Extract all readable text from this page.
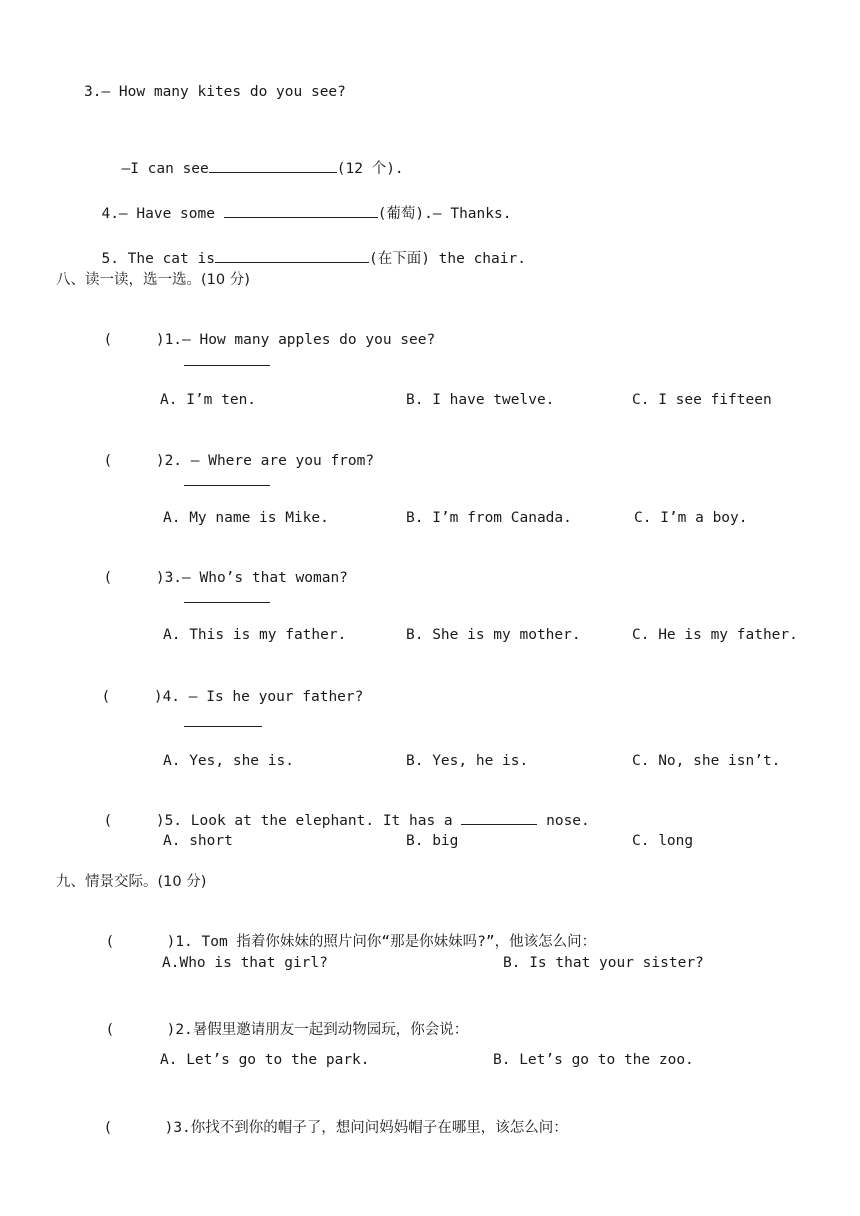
3.— How many kites do you see?

—I can see	(12 个).

4.— Have some	(葡萄).— Thanks.

5. The cat is	(在下面) the chair.

八、读一读，选一选。(10 分)

(     )1.— How many apples do you see?

A. I’m ten.	B. I have twelve.	C. I see fifteen

(     )2. — Where are you from?

A. My name is Mike.	B. I’m from Canada.	C. I’m a boy.

(     )3.— Who’s that woman?

A. This is my father.	B. She is my mother.	C. He is my father.

(     )4. — Is he your father?

A. Yes, she is.	B. Yes, he is.	C. No, she isn’t.

(     )5. Look at the elephant. It has a	nose.

A. short	B. big	C. long
九、情景交际。(10 分)

(      )1. Tom 指着你妹妹的照片问你“那是你妹妹吗?”，他该怎么问：

A.Who is that girl?	B. Is that your sister?

(      )2.暑假里邀请朋友一起到动物园玩，你会说：

A. Let’s go to the park.	B. Let’s go to the zoo.

(      )3.你找不到你的帽子了，想问问妈妈帽子在哪里，该怎么问：
